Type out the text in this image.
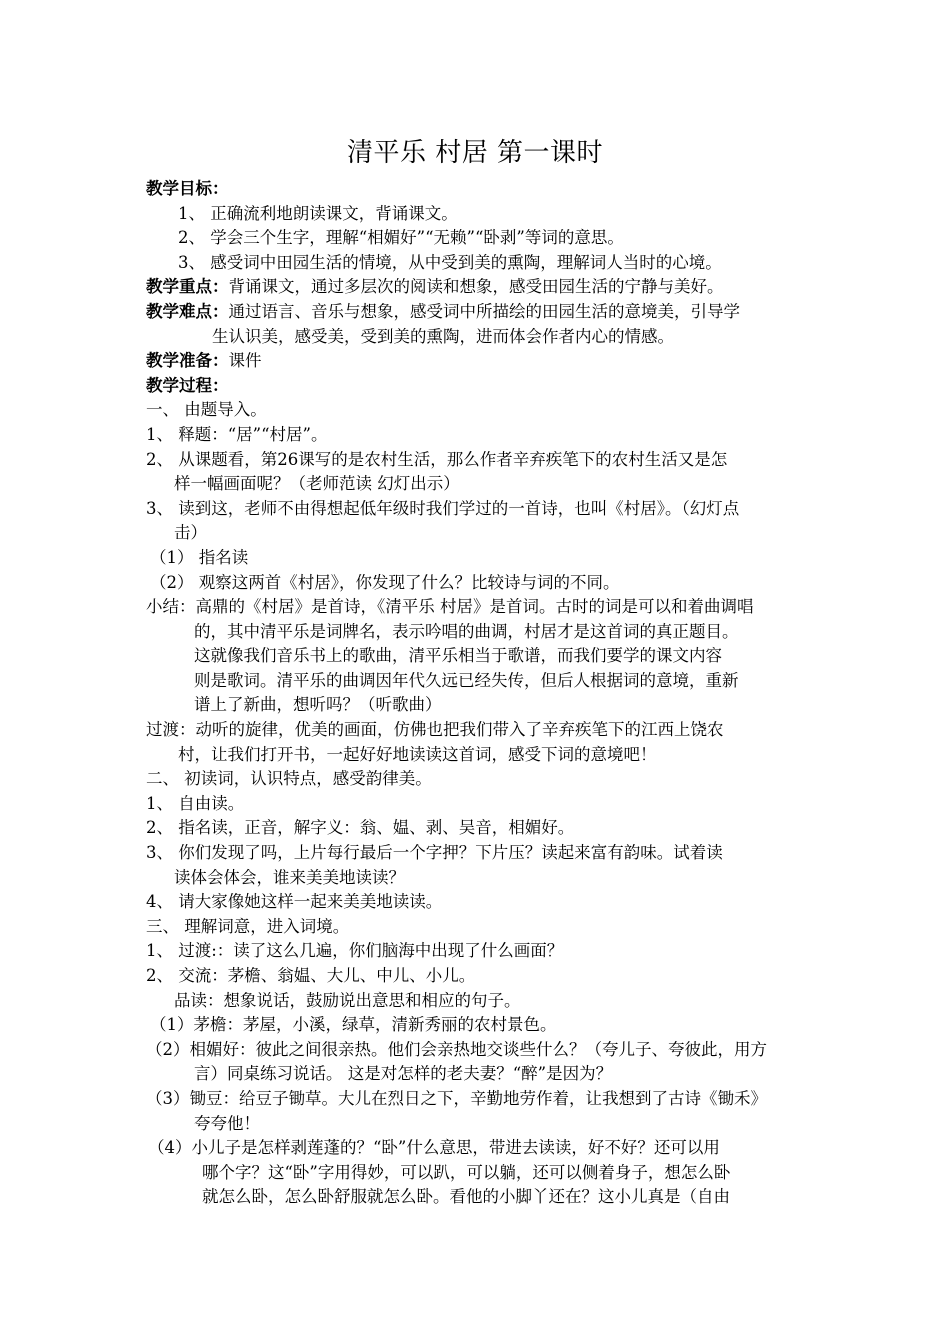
清平乐 村居 第一课时
教学目标：
1、 正确流利地朗读课文，背诵课文。
2、 学会三个生字，理解“相媚好”“无赖”“卧剥”等词的意思。
3、 感受词中田园生活的情境，从中受到美的熏陶，理解词人当时的心境。
教学重点：背诵课文，通过多层次的阅读和想象，感受田园生活的宁静与美好。
教学难点：通过语言、音乐与想象，感受词中所描绘的田园生活的意境美，引导学
生认识美，感受美，受到美的熏陶，进而体会作者内心的情感。
教学准备：课件
教学过程：
一、 由题导入。
1、 释题：“居”“村居”。
2、 从课题看，第26课写的是农村生活，那么作者辛弃疾笔下的农村生活又是怎
样一幅画面呢？（老师范读 幻灯出示）
3、 读到这，老师不由得想起低年级时我们学过的一首诗，也叫《村居》。（幻灯点
击）
（1） 指名读
（2） 观察这两首《村居》，你发现了什么？比较诗与词的不同。
小结：高鼎的《村居》是首诗，《清平乐 村居》是首词。古时的词是可以和着曲调唱
的，其中清平乐是词牌名，表示吟唱的曲调，村居才是这首词的真正题目。
这就像我们音乐书上的歌曲，清平乐相当于歌谱，而我们要学的课文内容
则是歌词。清平乐的曲调因年代久远已经失传，但后人根据词的意境，重新
谱上了新曲，想听吗？（听歌曲）
过渡：动听的旋律，优美的画面，仿佛也把我们带入了辛弃疾笔下的江西上饶农
村，让我们打开书，一起好好地读读这首词，感受下词的意境吧！
二、 初读词，认识特点，感受韵律美。
1、 自由读。
2、 指名读，正音，解字义：翁、媪、剥、吴音，相媚好。
3、 你们发现了吗，上片每行最后一个字押？下片压？读起来富有韵味。试着读
读体会体会，谁来美美地读读？
4、 请大家像她这样一起来美美地读读。
三、 理解词意，进入词境。
1、 过渡:：读了这么几遍，你们脑海中出现了什么画面？
2、 交流：茅檐、翁媪、大儿、中儿、小儿。
品读：想象说话，鼓励说出意思和相应的句子。
（1）茅檐：茅屋，小溪，绿草，清新秀丽的农村景色。
（2）相媚好：彼此之间很亲热。他们会亲热地交谈些什么？（夸儿子、夸彼此，用方
言）同桌练习说话。 这是对怎样的老夫妻？“醉”是因为？
（3）锄豆：给豆子锄草。大儿在烈日之下，辛勤地劳作着，让我想到了古诗《锄禾》
夸夸他！
（4）小儿子是怎样剥莲蓬的？“卧”什么意思，带进去读读，好不好？还可以用
哪个字？这“卧”字用得妙，可以趴，可以躺，还可以侧着身子，想怎么卧
就怎么卧，怎么卧舒服就怎么卧。看他的小脚丫还在？这小儿真是（自由
